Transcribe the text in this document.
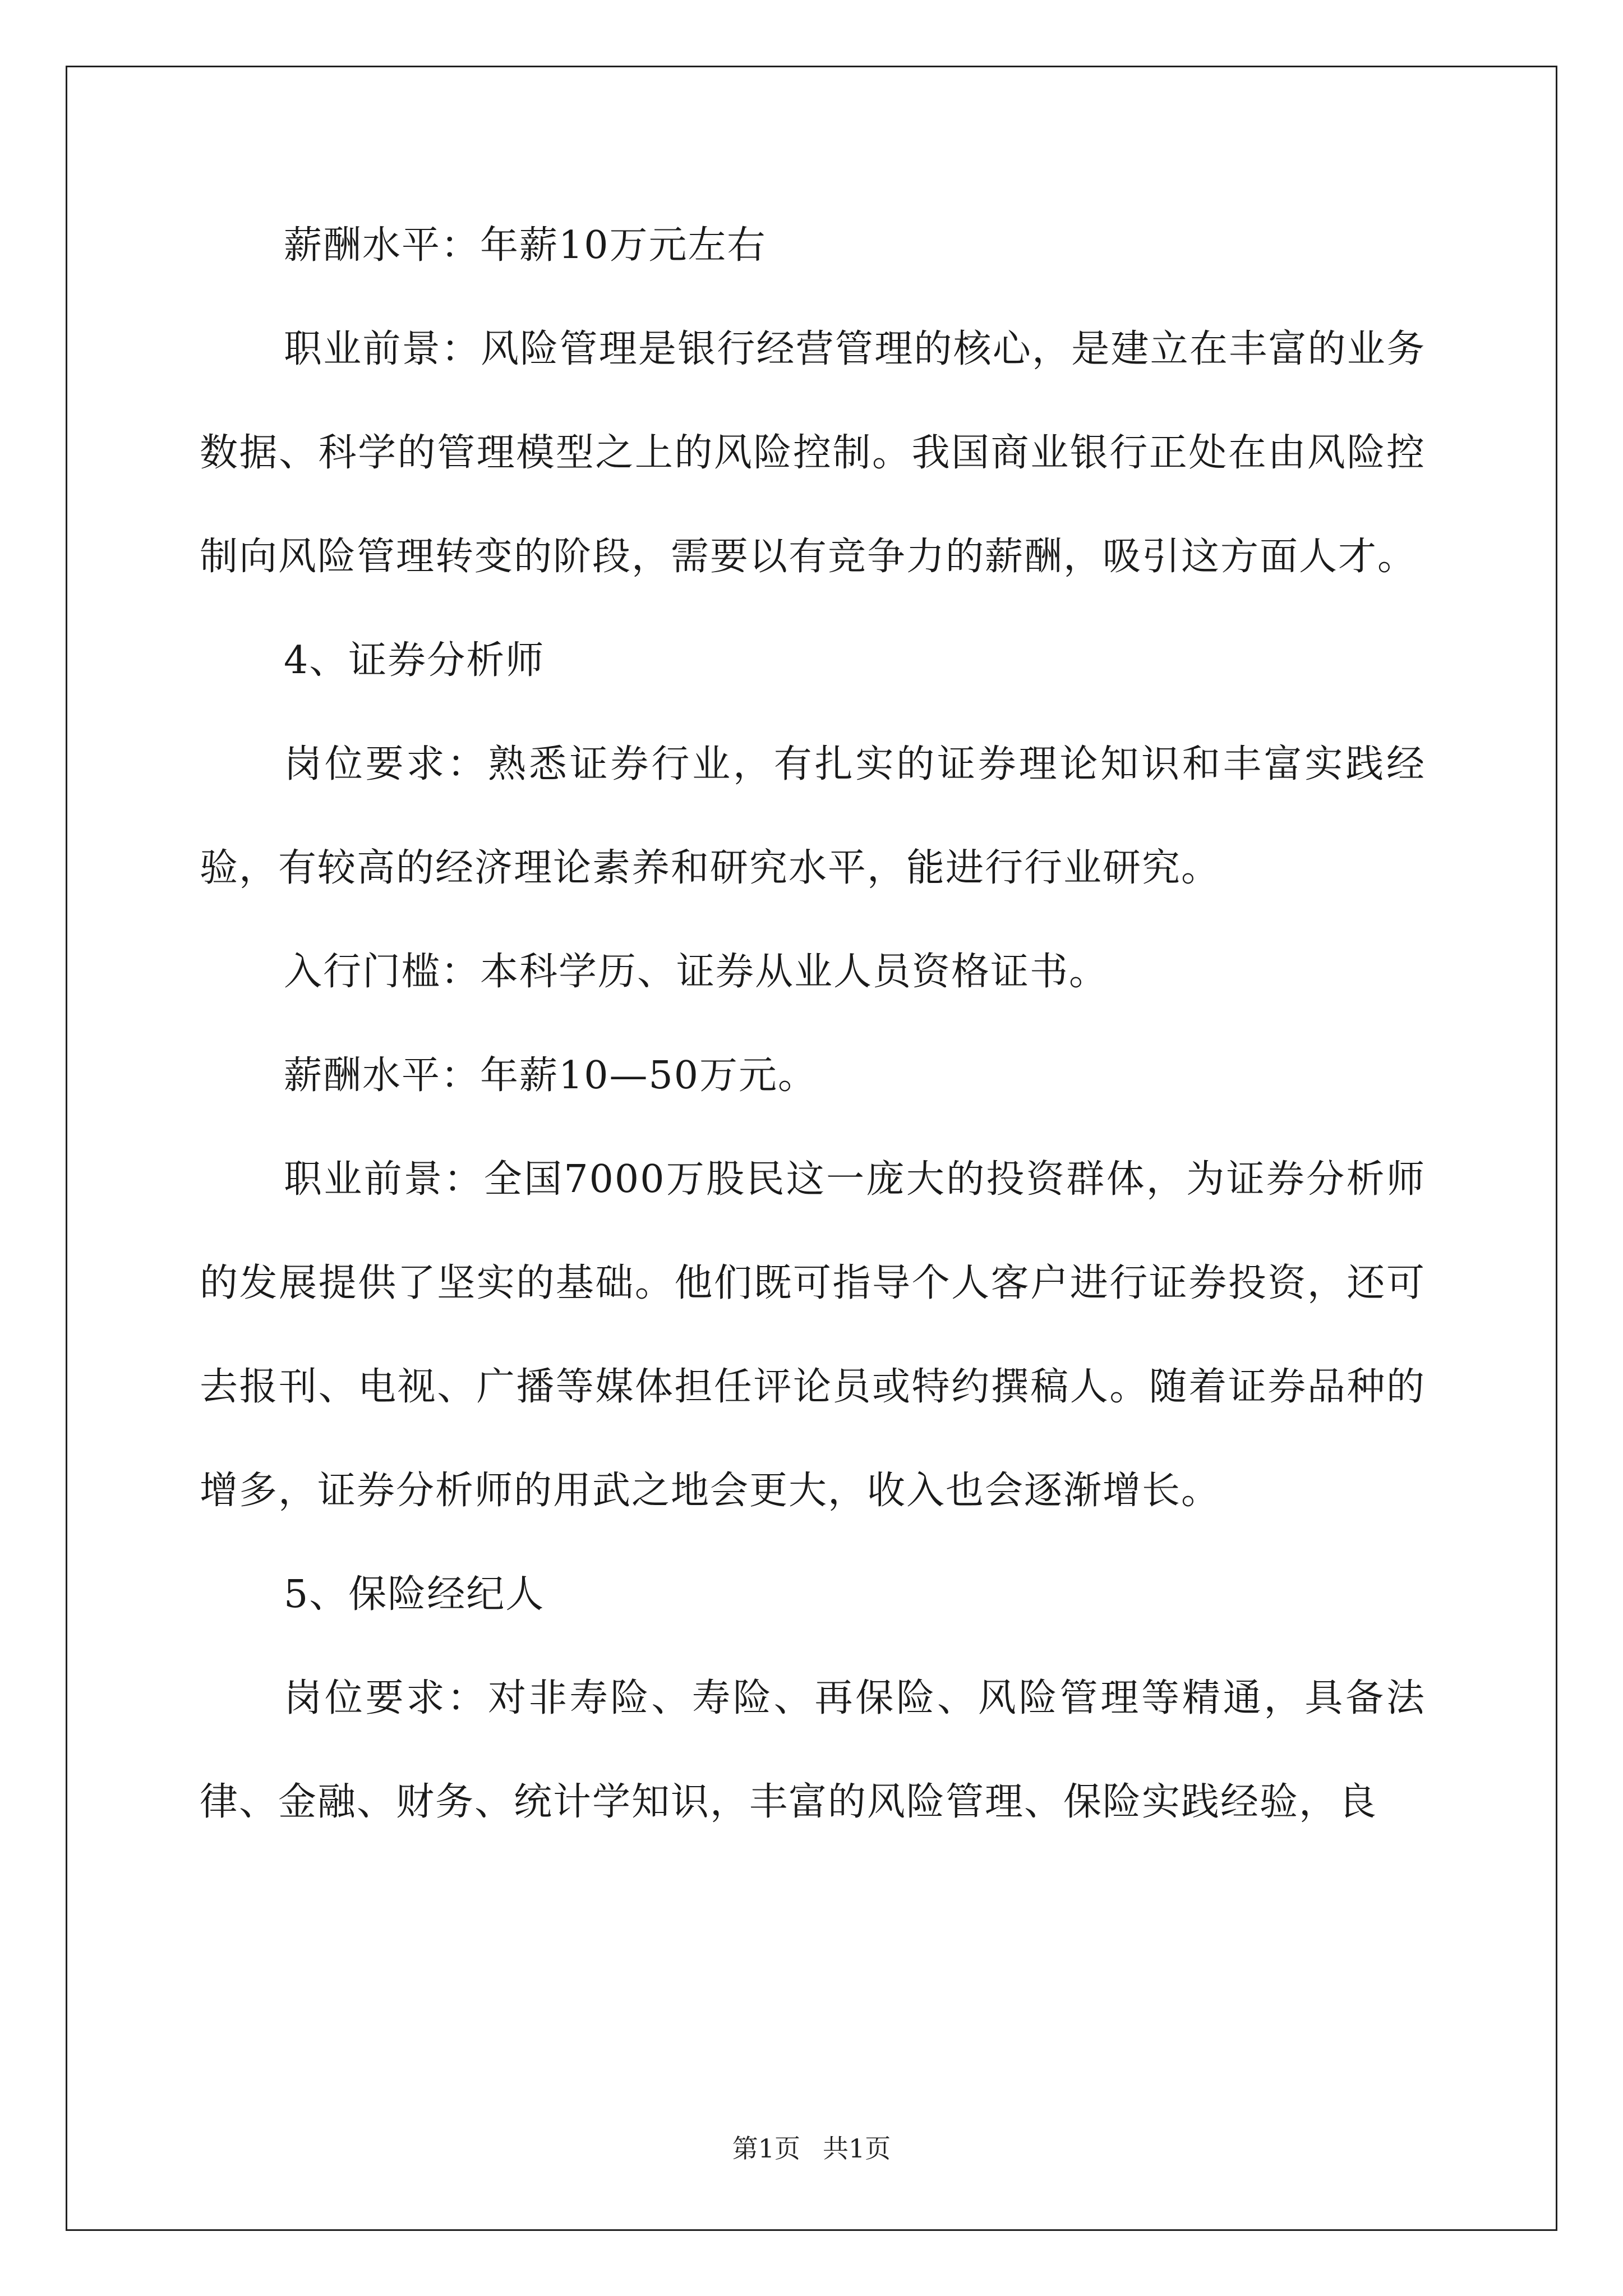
薪酬水平：年薪10万元左右

职业前景：风险管理是银行经营管理的核心，是建立在丰富的业务数据、科学的管理模型之上的风险控制。我国商业银行正处在由风险控制向风险管理转变的阶段，需要以有竞争力的薪酬，吸引这方面人才。

4、证券分析师

岗位要求：熟悉证券行业，有扎实的证券理论知识和丰富实践经验，有较高的经济理论素养和研究水平，能进行行业研究。

入行门槛：本科学历、证券从业人员资格证书。

薪酬水平：年薪10—50万元。

职业前景：全国7000万股民这一庞大的投资群体，为证券分析师的发展提供了坚实的基础。他们既可指导个人客户进行证券投资，还可去报刊、电视、广播等媒体担任评论员或特约撰稿人。随着证券品种的增多，证券分析师的用武之地会更大，收入也会逐渐增长。

5、保险经纪人

岗位要求：对非寿险、寿险、再保险、风险管理等精通，具备法律、金融、财务、统计学知识，丰富的风险管理、保险实践经验，良

第1页 共1页
